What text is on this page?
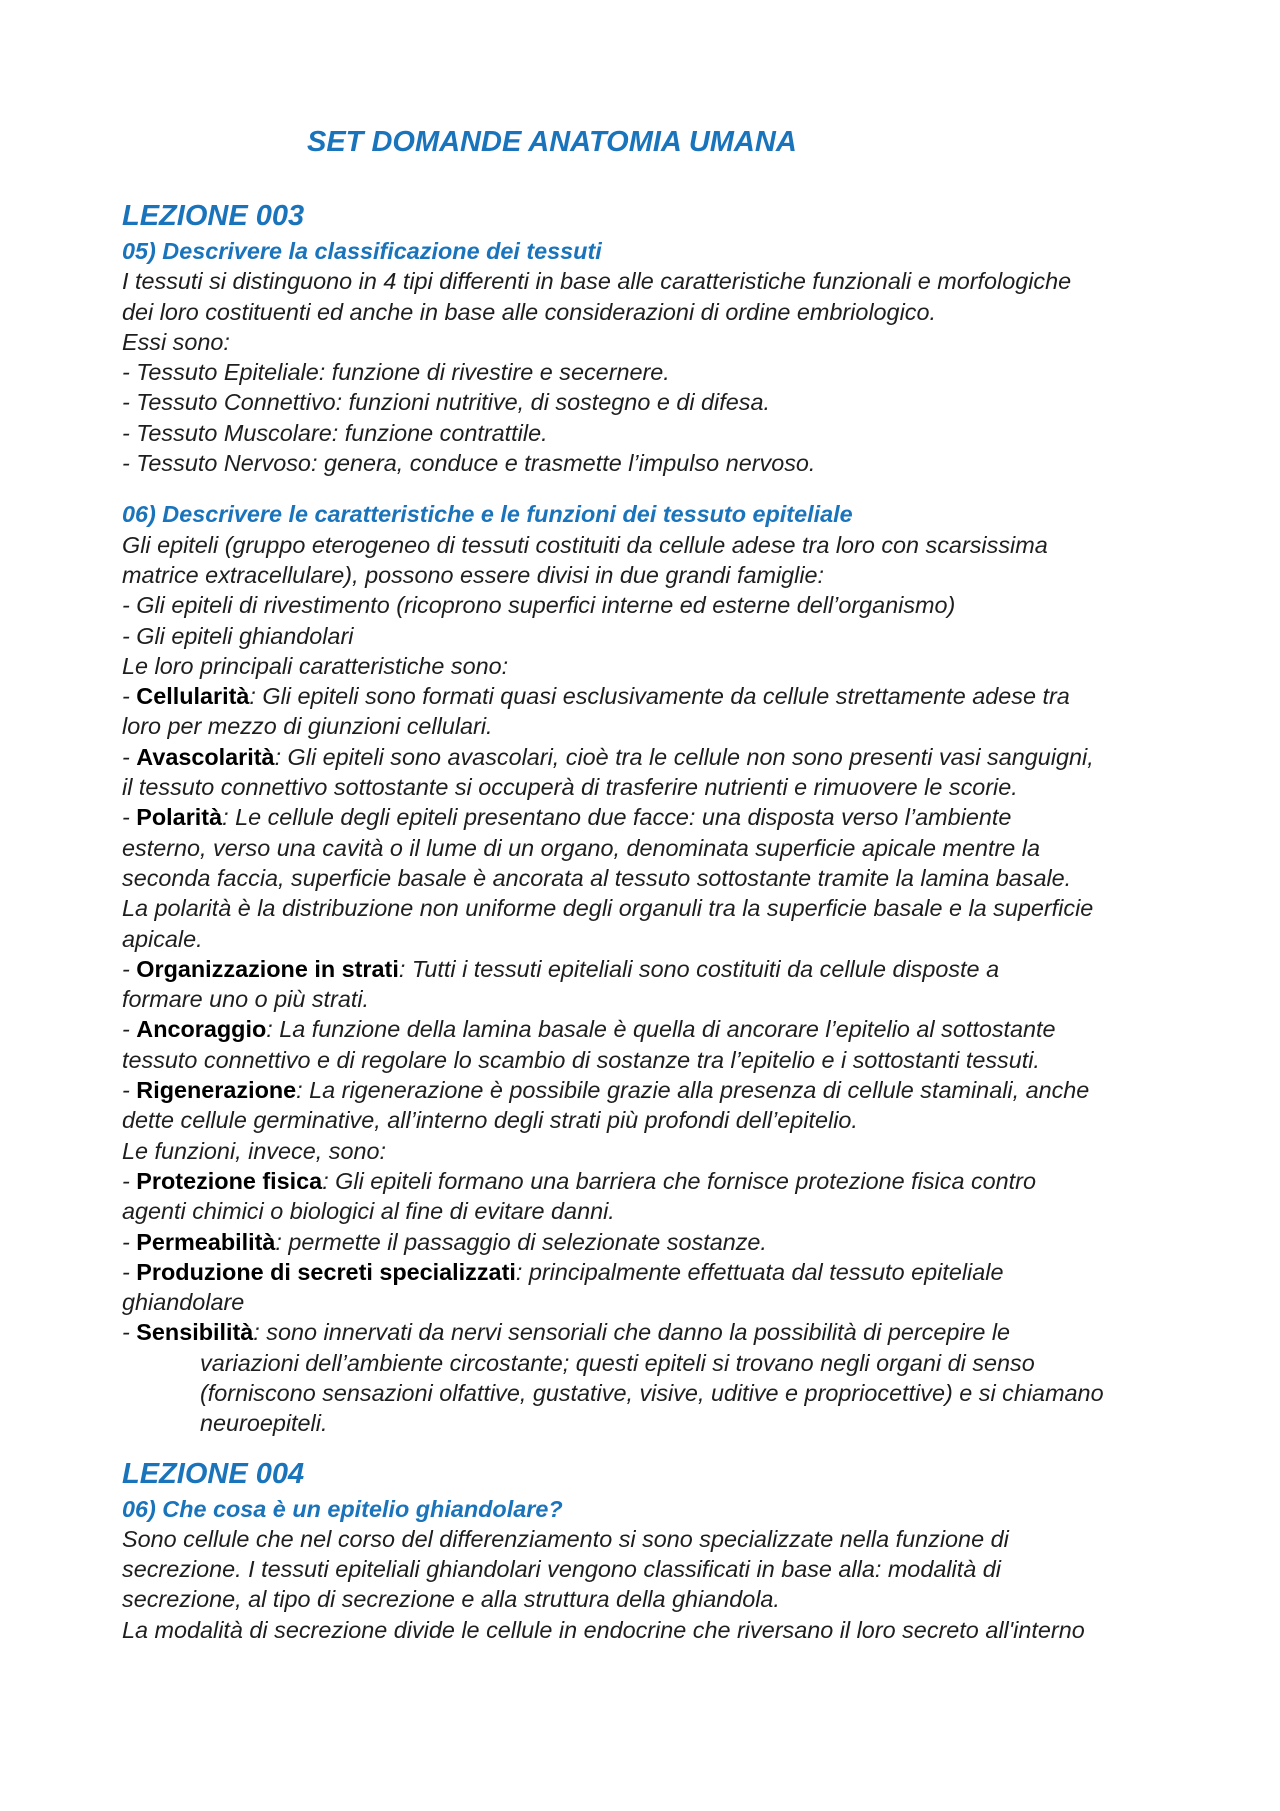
SET DOMANDE ANATOMIA UMANA
LEZIONE 003

05) Descrivere la classificazione dei tessuti

I tessuti si distinguono in 4 tipi differenti in base alle caratteristiche funzionali e morfologiche

dei loro costituenti ed anche in base alle considerazioni di ordine embriologico.

Essi sono:

- Tessuto Epiteliale: funzione di rivestire e secernere.

- Tessuto Connettivo: funzioni nutritive, di sostegno e di difesa.

- Tessuto Muscolare: funzione contrattile.

- Tessuto Nervoso: genera, conduce e trasmette l’impulso nervoso.

06) Descrivere le caratteristiche e le funzioni dei tessuto epiteliale

Gli epiteli (gruppo eterogeneo di tessuti costituiti da cellule adese tra loro con scarsissima

matrice extracellulare), possono essere divisi in due grandi famiglie:

- Gli epiteli di rivestimento (ricoprono superfici interne ed esterne dell’organismo)

- Gli epiteli ghiandolari

Le loro principali caratteristiche sono:

- Cellularità: Gli epiteli sono formati quasi esclusivamente da cellule strettamente adese tra

loro per mezzo di giunzioni cellulari.

- Avascolarità: Gli epiteli sono avascolari, cioè tra le cellule non sono presenti vasi sanguigni,

il tessuto connettivo sottostante si occuperà di trasferire nutrienti e rimuovere le scorie.

- Polarità: Le cellule degli epiteli presentano due facce: una disposta verso l’ambiente

esterno, verso una cavità o il lume di un organo, denominata superficie apicale mentre la

seconda faccia, superficie basale è ancorata al tessuto sottostante tramite la lamina basale.

La polarità è la distribuzione non uniforme degli organuli tra la superficie basale e la superficie

apicale.

- Organizzazione in strati: Tutti i tessuti epiteliali sono costituiti da cellule disposte a

formare uno o più strati.

- Ancoraggio: La funzione della lamina basale è quella di ancorare l’epitelio al sottostante

tessuto connettivo e di regolare lo scambio di sostanze tra l’epitelio e i sottostanti tessuti.

- Rigenerazione: La rigenerazione è possibile grazie alla presenza di cellule staminali, anche

dette cellule germinative, all’interno degli strati più profondi dell’epitelio.

Le funzioni, invece, sono:

- Protezione fisica: Gli epiteli formano una barriera che fornisce protezione fisica contro

agenti chimici o biologici al fine di evitare danni.

- Permeabilità: permette il passaggio di selezionate sostanze.

- Produzione di secreti specializzati: principalmente effettuata dal tessuto epiteliale

ghiandolare

- Sensibilità: sono innervati da nervi sensoriali che danno la possibilità di percepire le

variazioni dell’ambiente circostante; questi epiteli si trovano negli organi di senso

(forniscono sensazioni olfattive, gustative, visive, uditive e propriocettive) e si chiamano

neuroepiteli.

LEZIONE 004

06) Che cosa è un epitelio ghiandolare?

Sono cellule che nel corso del differenziamento si sono specializzate nella funzione di

secrezione. I tessuti epiteliali ghiandolari vengono classificati in base alla: modalità di

secrezione, al tipo di secrezione e alla struttura della ghiandola.

La modalità di secrezione divide le cellule in endocrine che riversano il loro secreto all'interno
